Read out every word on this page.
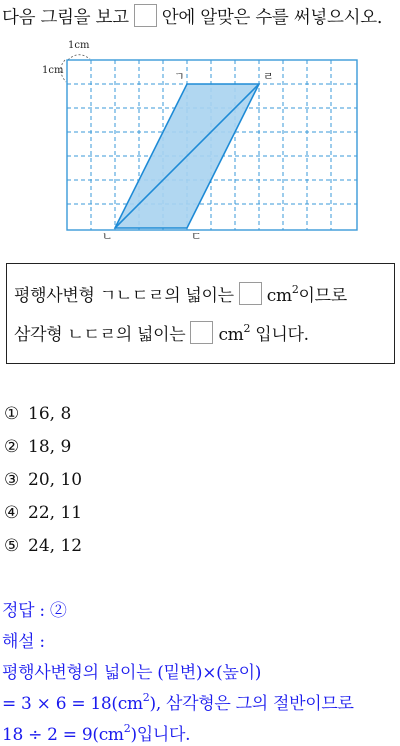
다음 그림을 보고 안에 알맞은 수를 써넣으시오.
1cm
1cm	ㄱ	ㄹ
ㄴ	ㄷ
평행사변형 ㄱㄴㄷㄹ의 넓이는 $cm^2$이므로
삼각형 ㄴㄷㄹ의 넓이는 $cm^2$ 입니다.
① 16, 8
② 18, 9
③ 20, 10
④ 22, 11
⑤ 24, 12
정답 : ②
해설 :
평행사변형의 넓이는 (밑변)×(높이)
= $3 \times 6 = 18(cm^2)$, 삼각형은 그의 절반이므로
$18 \div 2 = 9(cm^2)$입니다.
